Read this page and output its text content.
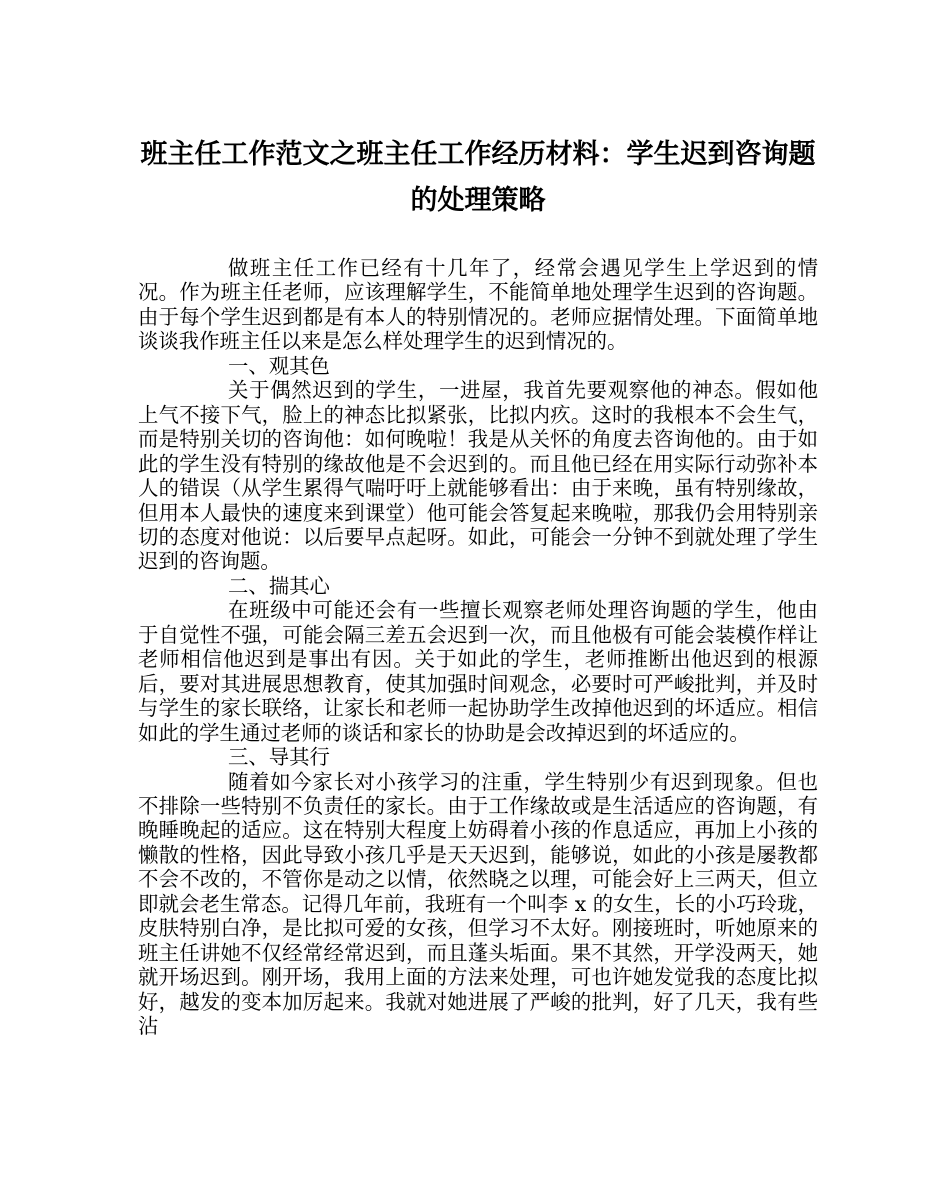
班主任工作范文之班主任工作经历材料：学生迟到咨询题的处理策略

做班主任工作已经有十几年了，经常会遇见学生上学迟到的情况。作为班主任老师，应该理解学生，不能简单地处理学生迟到的咨询题。由于每个学生迟到都是有本人的特别情况的。老师应据情处理。下面简单地谈谈我作班主任以来是怎么样处理学生的迟到情况的。

一、观其色

关于偶然迟到的学生，一进屋，我首先要观察他的神态。假如他上气不接下气，脸上的神态比拟紧张，比拟内疚。这时的我根本不会生气，而是特别关切的咨询他：如何晚啦！我是从关怀的角度去咨询他的。由于如此的学生没有特别的缘故他是不会迟到的。而且他已经在用实际行动弥补本人的错误（从学生累得气喘吁吁上就能够看出：由于来晚，虽有特别缘故，但用本人最快的速度来到课堂）他可能会答复起来晚啦，那我仍会用特别亲切的态度对他说：以后要早点起呀。如此，可能会一分钟不到就处理了学生迟到的咨询题。

二、揣其心

在班级中可能还会有一些擅长观察老师处理咨询题的学生，他由于自觉性不强，可能会隔三差五会迟到一次，而且他极有可能会装模作样让老师相信他迟到是事出有因。关于如此的学生，老师推断出他迟到的根源后，要对其进展思想教育，使其加强时间观念，必要时可严峻批判，并及时与学生的家长联络，让家长和老师一起协助学生改掉他迟到的坏适应。相信如此的学生通过老师的谈话和家长的协助是会改掉迟到的坏适应的。

三、导其行

随着如今家长对小孩学习的注重，学生特别少有迟到现象。但也不排除一些特别不负责任的家长。由于工作缘故或是生活适应的咨询题，有晚睡晚起的适应。这在特别大程度上妨碍着小孩的作息适应，再加上小孩的懒散的性格，因此导致小孩几乎是天天迟到，能够说，如此的小孩是屡教都不会不改的，不管你是动之以情，依然晓之以理，可能会好上三两天，但立即就会老生常态。记得几年前，我班有一个叫李 x 的女生，长的小巧玲珑，皮肤特别白净，是比拟可爱的女孩，但学习不太好。刚接班时，听她原来的班主任讲她不仅经常经常迟到，而且蓬头垢面。果不其然，开学没两天，她就开场迟到。刚开场，我用上面的方法来处理，可也许她发觉我的态度比拟好，越发的变本加厉起来。我就对她进展了严峻的批判，好了几天，我有些沾
